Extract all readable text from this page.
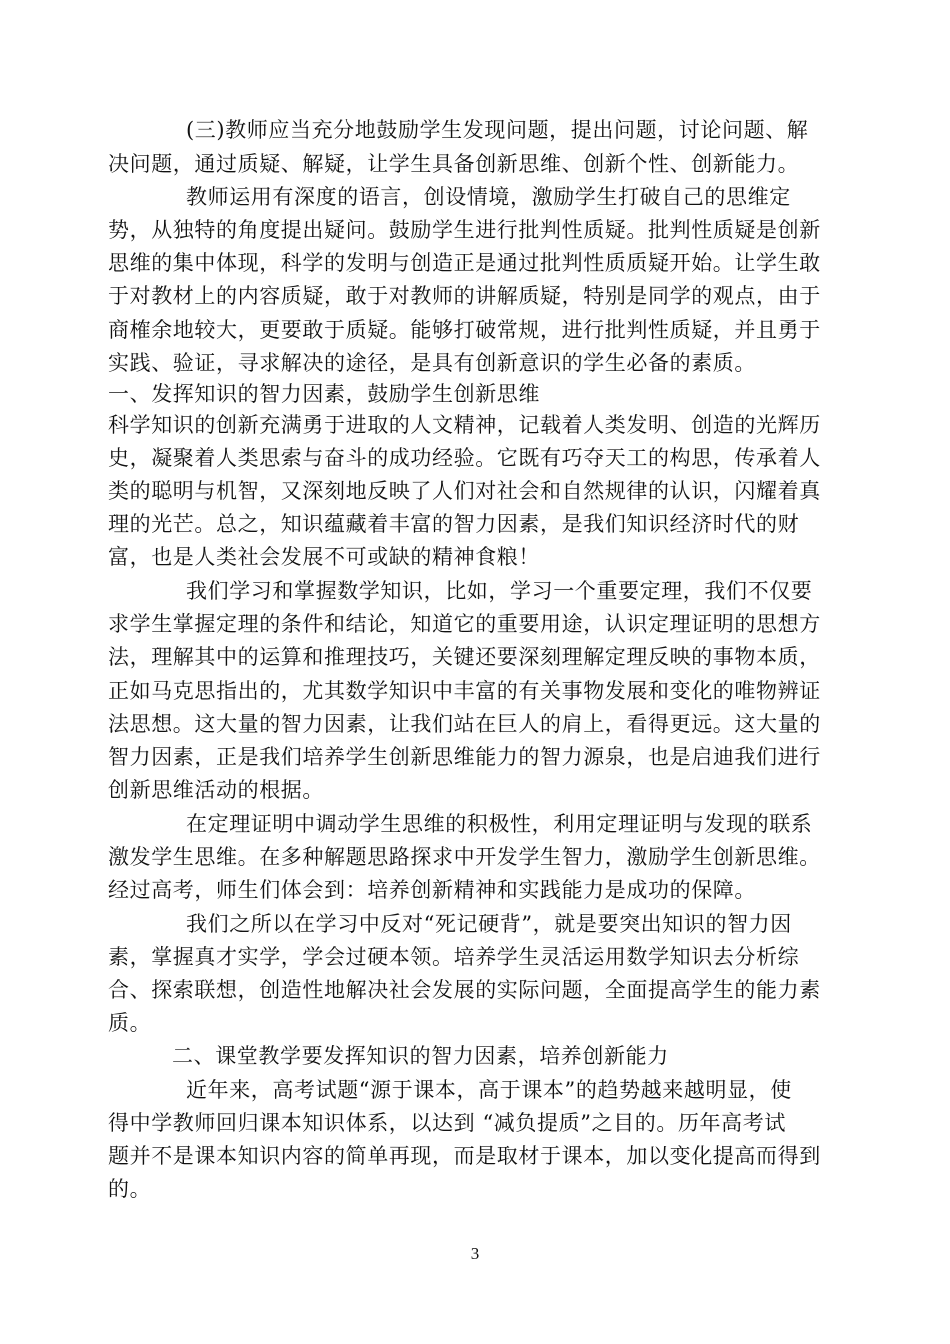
(三)教师应当充分地鼓励学生发现问题，提出问题，讨论问题、解
决问题，通过质疑、解疑，让学生具备创新思维、创新个性、创新能力。
教师运用有深度的语言，创设情境，激励学生打破自己的思维定
势，从独特的角度提出疑问。鼓励学生进行批判性质疑。批判性质疑是创新
思维的集中体现，科学的发明与创造正是通过批判性质质疑开始。让学生敢
于对教材上的内容质疑，敢于对教师的讲解质疑，特别是同学的观点，由于
商榷余地较大，更要敢于质疑。能够打破常规，进行批判性质疑，并且勇于
实践、验证，寻求解决的途径，是具有创新意识的学生必备的素质。
一、发挥知识的智力因素，鼓励学生创新思维
科学知识的创新充满勇于进取的人文精神，记载着人类发明、创造的光辉历
史，凝聚着人类思索与奋斗的成功经验。它既有巧夺天工的构思，传承着人
类的聪明与机智，又深刻地反映了人们对社会和自然规律的认识，闪耀着真
理的光芒。总之，知识蕴藏着丰富的智力因素，是我们知识经济时代的财
富，也是人类社会发展不可或缺的精神食粮！
我们学习和掌握数学知识，比如，学习一个重要定理，我们不仅要
求学生掌握定理的条件和结论，知道它的重要用途，认识定理证明的思想方
法，理解其中的运算和推理技巧，关键还要深刻理解定理反映的事物本质，
正如马克思指出的，尤其数学知识中丰富的有关事物发展和变化的唯物辨证
法思想。这大量的智力因素，让我们站在巨人的肩上，看得更远。这大量的
智力因素，正是我们培养学生创新思维能力的智力源泉，也是启迪我们进行
创新思维活动的根据。
在定理证明中调动学生思维的积极性，利用定理证明与发现的联系
激发学生思维。在多种解题思路探求中开发学生智力，激励学生创新思维。
经过高考，师生们体会到：培养创新精神和实践能力是成功的保障。
我们之所以在学习中反对“死记硬背”，就是要突出知识的智力因
素，掌握真才实学，学会过硬本领。培养学生灵活运用数学知识去分析综
合、探索联想，创造性地解决社会发展的实际问题，全面提高学生的能力素
质。
二、课堂教学要发挥知识的智力因素，培养创新能力
近年来，高考试题“源于课本，高于课本”的趋势越来越明显，使
得中学教师回归课本知识体系，以达到 “减负提质”之目的。历年高考试
题并不是课本知识内容的简单再现，而是取材于课本，加以变化提高而得到
的。
3
